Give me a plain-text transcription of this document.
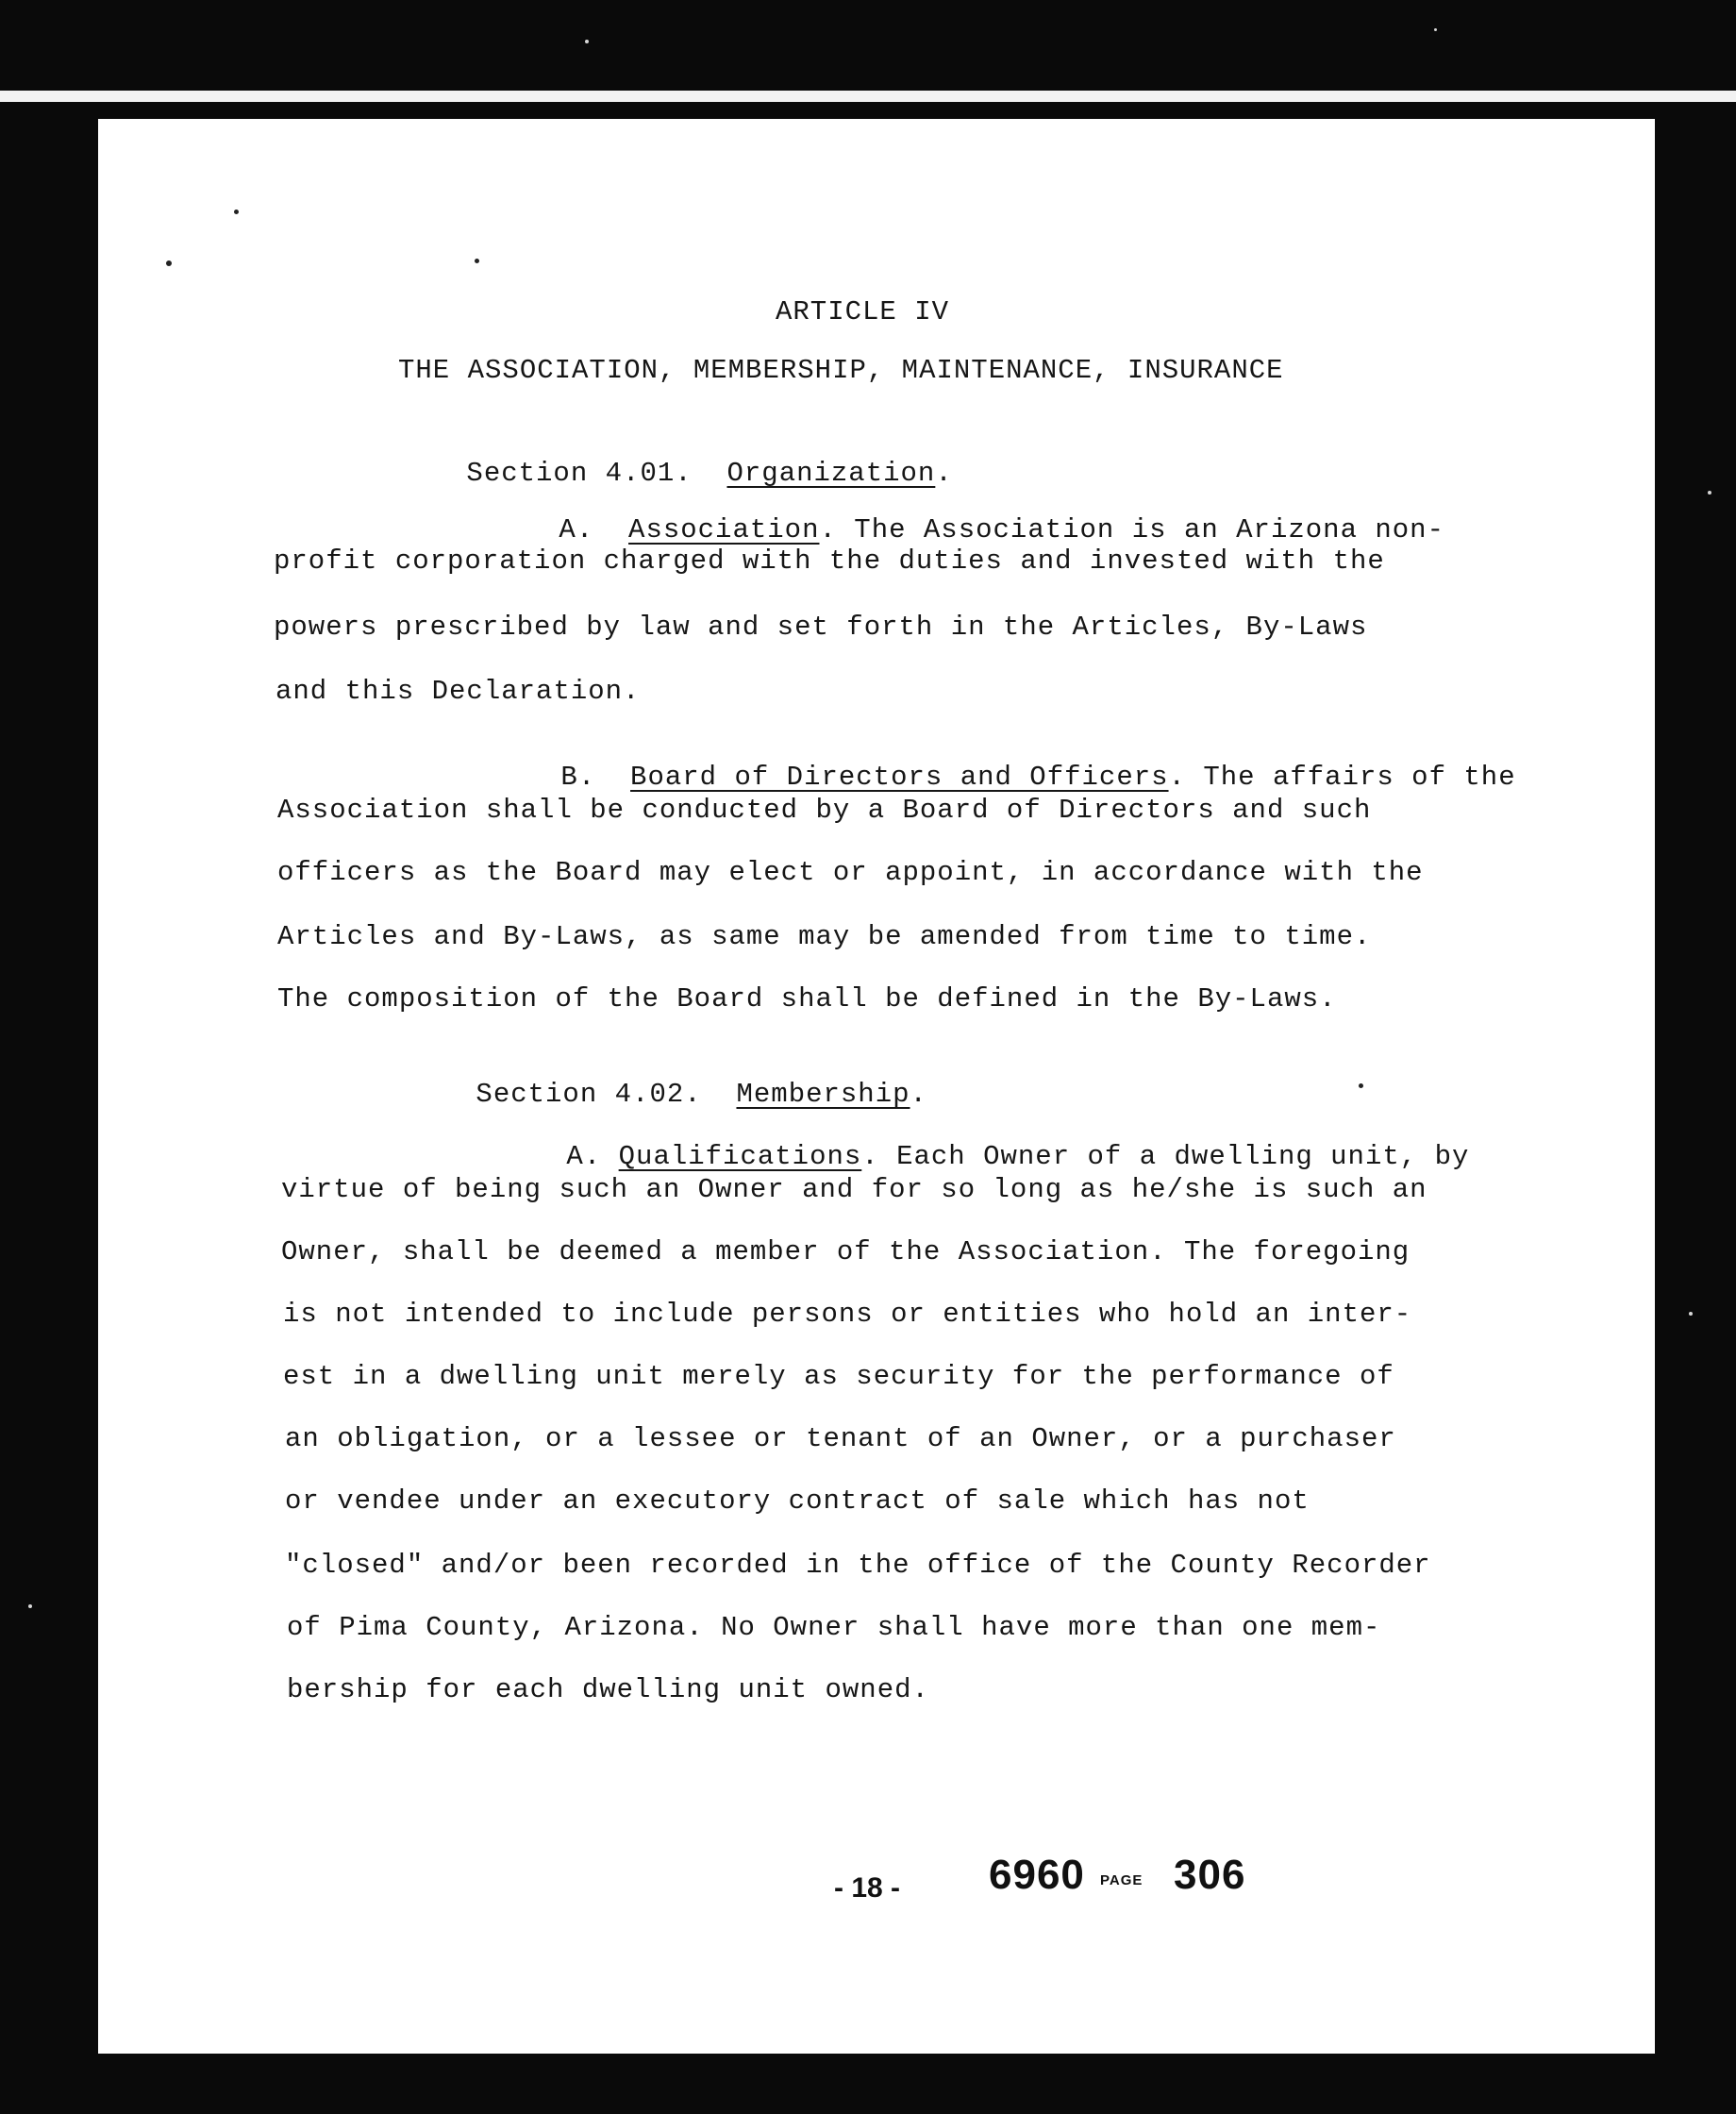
ARTICLE IV
THE ASSOCIATION, MEMBERSHIP, MAINTENANCE, INSURANCE

Section 4.01. Organization.

A. Association. The Association is an Arizona non-

profit corporation charged with the duties and invested with the
powers prescribed by law and set forth in the Articles, By-Laws
and this Declaration.

B. Board of Directors and Officers. The affairs of the

Association shall be conducted by a Board of Directors and such
officers as the Board may elect or appoint, in accordance with the
Articles and By-Laws, as same may be amended from time to time.
The composition of the Board shall be defined in the By-Laws.

Section 4.02. Membership.

A. Qualifications. Each Owner of a dwelling unit, by

virtue of being such an Owner and for so long as he/she is such an
Owner, shall be deemed a member of the Association. The foregoing
is not intended to include persons or entities who hold an inter-
est in a dwelling unit merely as security for the performance of
an obligation, or a lessee or tenant of an Owner, or a purchaser
or vendee under an executory contract of sale which has not
"closed" and/or been recorded in the office of the County Recorder
of Pima County, Arizona. No Owner shall have more than one mem-
bership for each dwelling unit owned.
- 18 - 6960 PAGE 306
